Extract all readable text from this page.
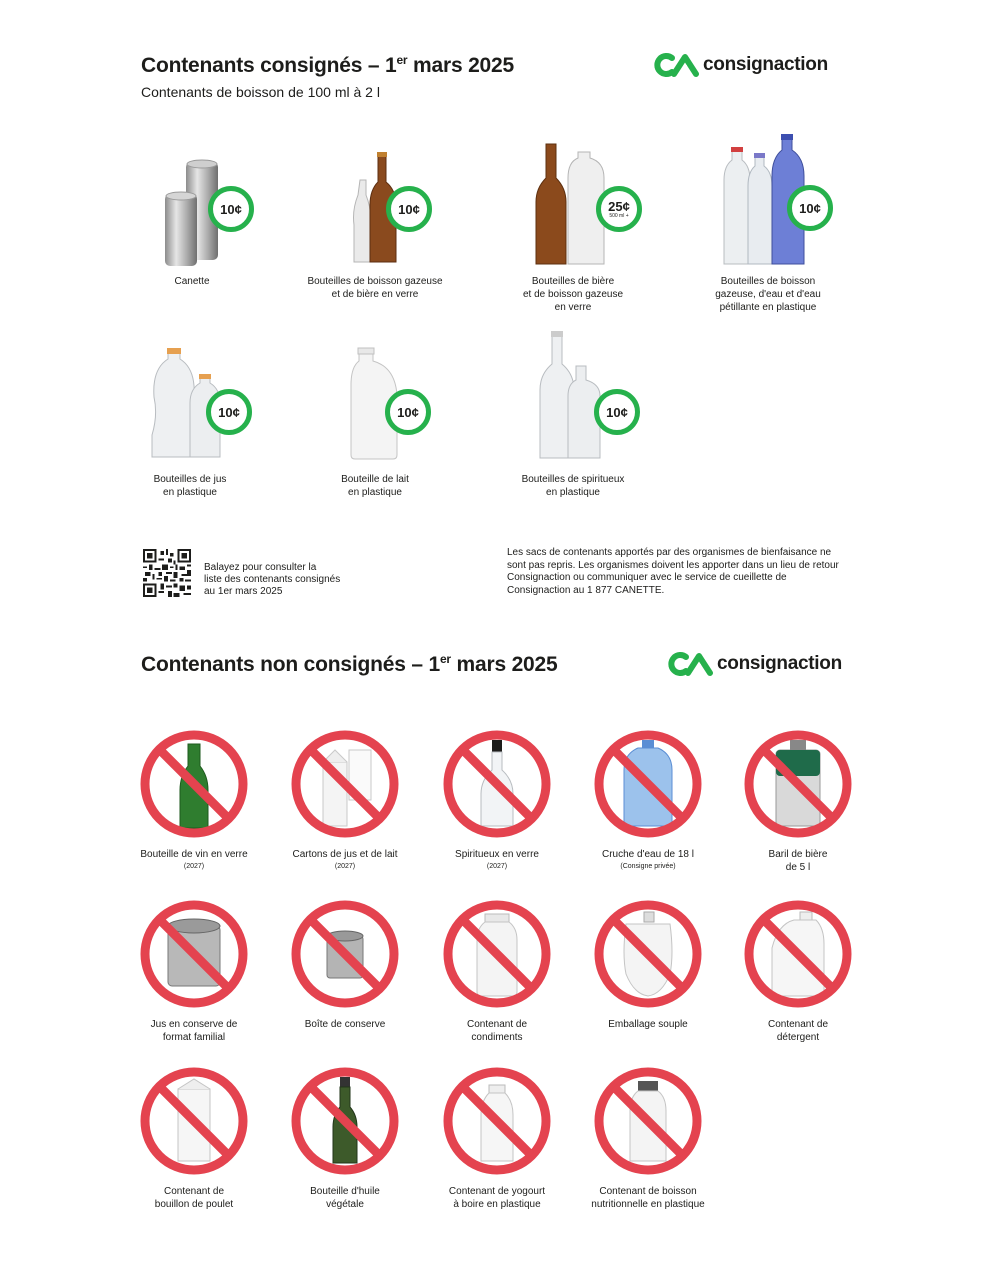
Contenants consignés – 1er mars 2025
Contenants de boisson de 100 ml à 2 l
consignaction
10¢
Canette
10¢
Bouteilles de boisson gazeuse
et de bière en verre
25¢
500 ml +
Bouteilles de bière
et de boisson gazeuse
en verre
10¢
Bouteilles de boisson
gazeuse, d'eau et d'eau
pétillante en plastique
10¢
Bouteilles de jus
en plastique
10¢
Bouteille de lait
en plastique
10¢
Bouteilles de spiritueux
en plastique
Balayez pour consulter la
liste des contenants consignés
au 1er mars 2025
Les sacs de contenants apportés par des organismes de bienfaisance ne sont pas repris. Les organismes doivent les apporter dans un lieu de retour Consignaction ou communiquer avec le service de cueillette de Consignaction au 1 877 CANETTE.
Contenants non consignés – 1er mars 2025	consignaction
Bouteille de vin en verre
(2027)
Cartons de jus et de lait
(2027)
Spiritueux en verre
(2027)
Cruche d'eau de 18 l
(Consigne privée)
Baril de bière
de 5 l
Jus en conserve de
format familial
Boîte de conserve	Contenant de
condiments
Emballage souple	Contenant de
détergent
Contenant de
bouillon de poulet
Bouteille d'huile
végétale
Contenant de yogourt
à boire en plastique
Contenant de boisson
nutritionnelle en plastique
